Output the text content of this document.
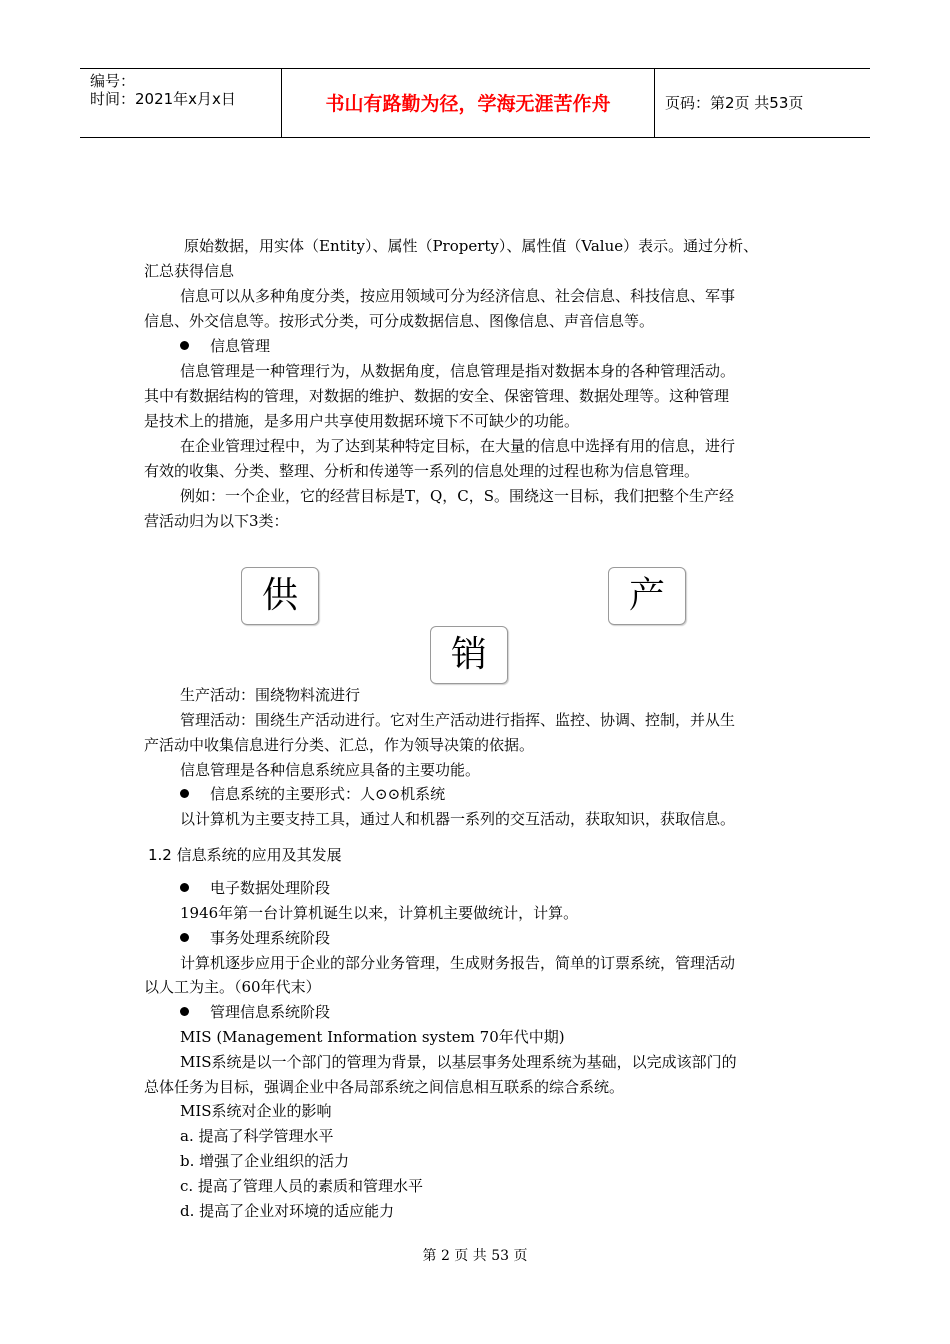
编号：
时间：2021年x月x日	书山有路勤为径，学海无涯苦作舟	页码：第2页 共53页
原始数据，用实体（Entity）、属性（Property）、属性值（Value）表示。通过分析、
汇总获得信息
信息可以从多种角度分类，按应用领域可分为经济信息、社会信息、科技信息、军事
信息、外交信息等。按形式分类，可分成数据信息、图像信息、声音信息等。
信息管理
信息管理是一种管理行为，从数据角度，信息管理是指对数据本身的各种管理活动。
其中有数据结构的管理，对数据的维护、数据的安全、保密管理、数据处理等。这种管理
是技术上的措施，是多用户共享使用数据环境下不可缺少的功能。
在企业管理过程中，为了达到某种特定目标，在大量的信息中选择有用的信息，进行
有效的收集、分类、整理、分析和传递等一系列的信息处理的过程也称为信息管理。
例如：一个企业，它的经营目标是T，Q，C，S。围绕这一目标，我们把整个生产经
营活动归为以下3类：
供	产
销
生产活动：围绕物料流进行
管理活动：围绕生产活动进行。它对生产活动进行指挥、监控、协调、控制，并从生
产活动中收集信息进行分类、汇总，作为领导决策的依据。
信息管理是各种信息系统应具备的主要功能。
信息系统的主要形式：人⊙⊙机系统
以计算机为主要支持工具，通过人和机器一系列的交互活动，获取知识，获取信息。
1.2 信息系统的应用及其发展
电子数据处理阶段
1946年第一台计算机诞生以来，计算机主要做统计，计算。
事务处理系统阶段
计算机逐步应用于企业的部分业务管理，生成财务报告，简单的订票系统，管理活动
以人工为主。（60年代末）
管理信息系统阶段
MIS (Management Information system 70年代中期)
MIS系统是以一个部门的管理为背景，以基层事务处理系统为基础，以完成该部门的
总体任务为目标，强调企业中各局部系统之间信息相互联系的综合系统。
MIS系统对企业的影响
a. 提高了科学管理水平
b. 增强了企业组织的活力
c. 提高了管理人员的素质和管理水平
d. 提高了企业对环境的适应能力
第 2 页 共 53 页
